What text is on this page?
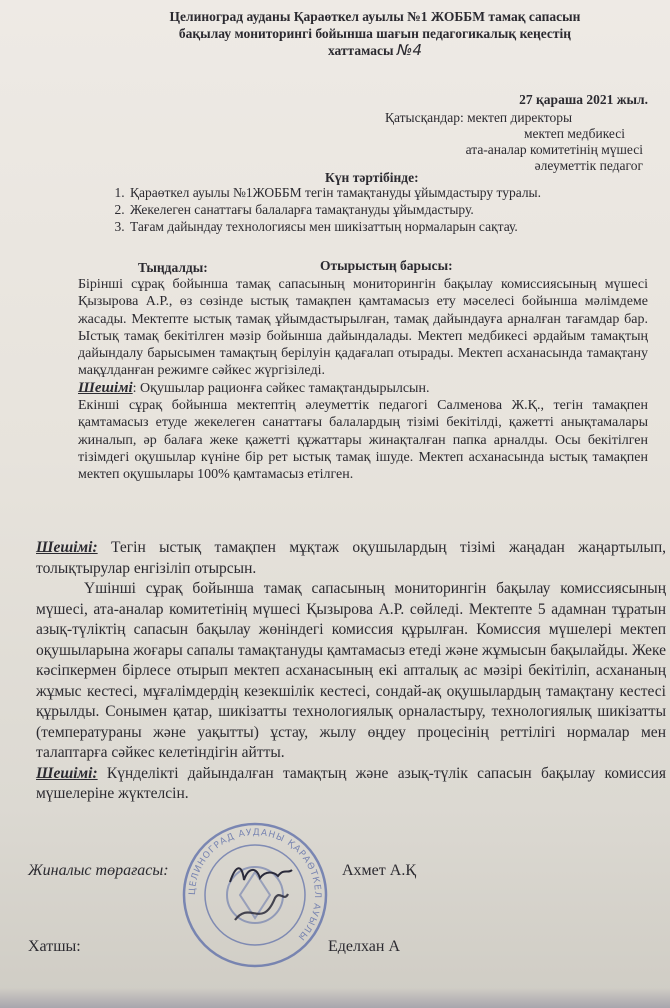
Целиноград ауданы Қараөткел ауылы №1 ЖОББМ тамақ сапасын
бақылау мониторингі бойынша шағын педагогикалық кеңестің
хаттамасы №4
27 қараша 2021 жыл.
Қатысқандар: мектеп директоры
мектеп медбикесі
ата-аналар комитетінің мүшесі
әлеуметтік педагог
Күн тәртібінде:
1. Қараөткел ауылы №1ЖОББМ тегін тамақтануды ұйымдастыру туралы.
2. Жекелеген санаттағы балаларға тамақтануды ұйымдастыру.
3. Тағам дайындау технологиясы мен шикізаттың нормаларын сақтау.
Отырыстың барысы:
Тыңдалды:

Бірінші сұрақ бойынша тамақ сапасының мониторингін бақылау комиссиясының мүшесі Қызырова А.Р., өз сөзінде ыстық тамақпен қамтамасыз ету мәселесі бойынша мәлімдеме жасады. Мектепте ыстық тамақ ұйымдастырылған, тамақ дайындауға арналған тағамдар бар. Ыстық тамақ бекітілген мәзір бойынша дайындалады. Мектеп медбикесі әрдайым тамақтың дайындалу барысымен тамақтың берілуін қадағалап отырады. Мектеп асханасында тамақтану мақұлданған режимге сәйкес жүргізіледі.

Шешімі: Оқушылар рационға сәйкес тамақтандырылсын.

Екінші сұрақ бойынша мектептің әлеуметтік педагогі Салменова Ж.Қ., тегін тамақпен қамтамасыз етуде жекелеген санаттағы балалардың тізімі бекітілді, қажетті анықтамалары жиналып, әр балаға жеке қажетті құжаттары жинақталған папка арналды. Осы бекітілген тізімдегі оқушылар күніне бір рет ыстық тамақ ішуде. Мектеп асханасында ыстық тамақпен мектеп оқушылары 100% қамтамасыз етілген.

Шешімі: Тегін ыстық тамақпен мұқтаж оқушылардың тізімі жаңадан жаңартылып, толықтырулар енгізіліп отырсын.

Үшінші сұрақ бойынша тамақ сапасының мониторингін бақылау комиссиясының мүшесі, ата-аналар комитетінің мүшесі Қызырова А.Р. сөйледі. Мектепте 5 адамнан тұратын азық-түліктің сапасын бақылау жөніндегі комиссия құрылған. Комиссия мүшелері мектеп оқушыларына жоғары сапалы тамақтануды қамтамасыз етеді және жұмысын бақылайды. Жеке кәсіпкермен бірлесе отырып мектеп асханасының екі апталық ас мәзірі бекітіліп, асхананың жұмыс кестесі, мұғалімдердің кезекшілік кестесі, сондай-ақ оқушылардың тамақтану кестесі құрылды. Сонымен қатар, шикізатты технологиялық орналастыру, технологиялық шикізатты (температураны және уақытты) ұстау, жылу өңдеу процесінің реттілігі нормалар мен талаптарға сәйкес келетіндігін айтты.

Шешімі: Күнделікті дайындалған тамақтың және азық-түлік сапасын бақылау комиссия мүшелеріне жүктелсін.

ЦЕЛИНОГРАД АУДАНЫ ҚАРАӨТКЕЛ АУЫЛЫ
Жиналыс төрағасы:	Ахмет А.Қ
Хатшы:	Еделхан А
